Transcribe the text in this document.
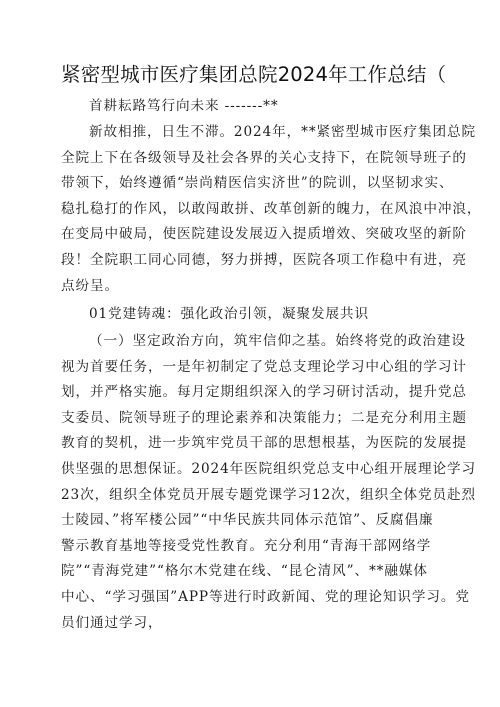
紧密型城市医疗集团总院2024年工作总结（
首耕耘路笃行向未来 -------**
新故相推，日生不滞。2024年，**紧密型城市医疗集团总院
全院上下在各级领导及社会各界的关心支持下，在院领导班子的
带领下，始终遵循“崇尚精医信实济世”的院训，以坚韧求实、
稳扎稳打的作风，以敢闯敢拼、改革创新的魄力，在风浪中冲浪，
在变局中破局，使医院建设发展迈入提质增效、突破攻坚的新阶
段！全院职工同心同德，努力拼搏，医院各项工作稳中有进，亮
点纷呈。
01党建铸魂：强化政治引领，凝聚发展共识
（一）坚定政治方向，筑牢信仰之基。始终将党的政治建设
视为首要任务，一是年初制定了党总支理论学习中心组的学习计
划，并严格实施。每月定期组织深入的学习研讨活动，提升党总
支委员、院领导班子的理论素养和决策能力；二是充分利用主题
教育的契机，进一步筑牢党员干部的思想根基，为医院的发展提
供坚强的思想保证。2024年医院组织党总支中心组开展理论学习
23次，组织全体党员开展专题党课学习12次，组织全体党员赴烈
士陵园、”将军楼公园”“中华民族共同体示范馆”、反腐倡廉
警示教育基地等接受党性教育。充分利用“青海干部网络学
院”“青海党建”“格尔木党建在线、“昆仑清风”、**融媒体
中心、“学习强国”APP等进行时政新闻、党的理论知识学习。党
员们通过学习，
